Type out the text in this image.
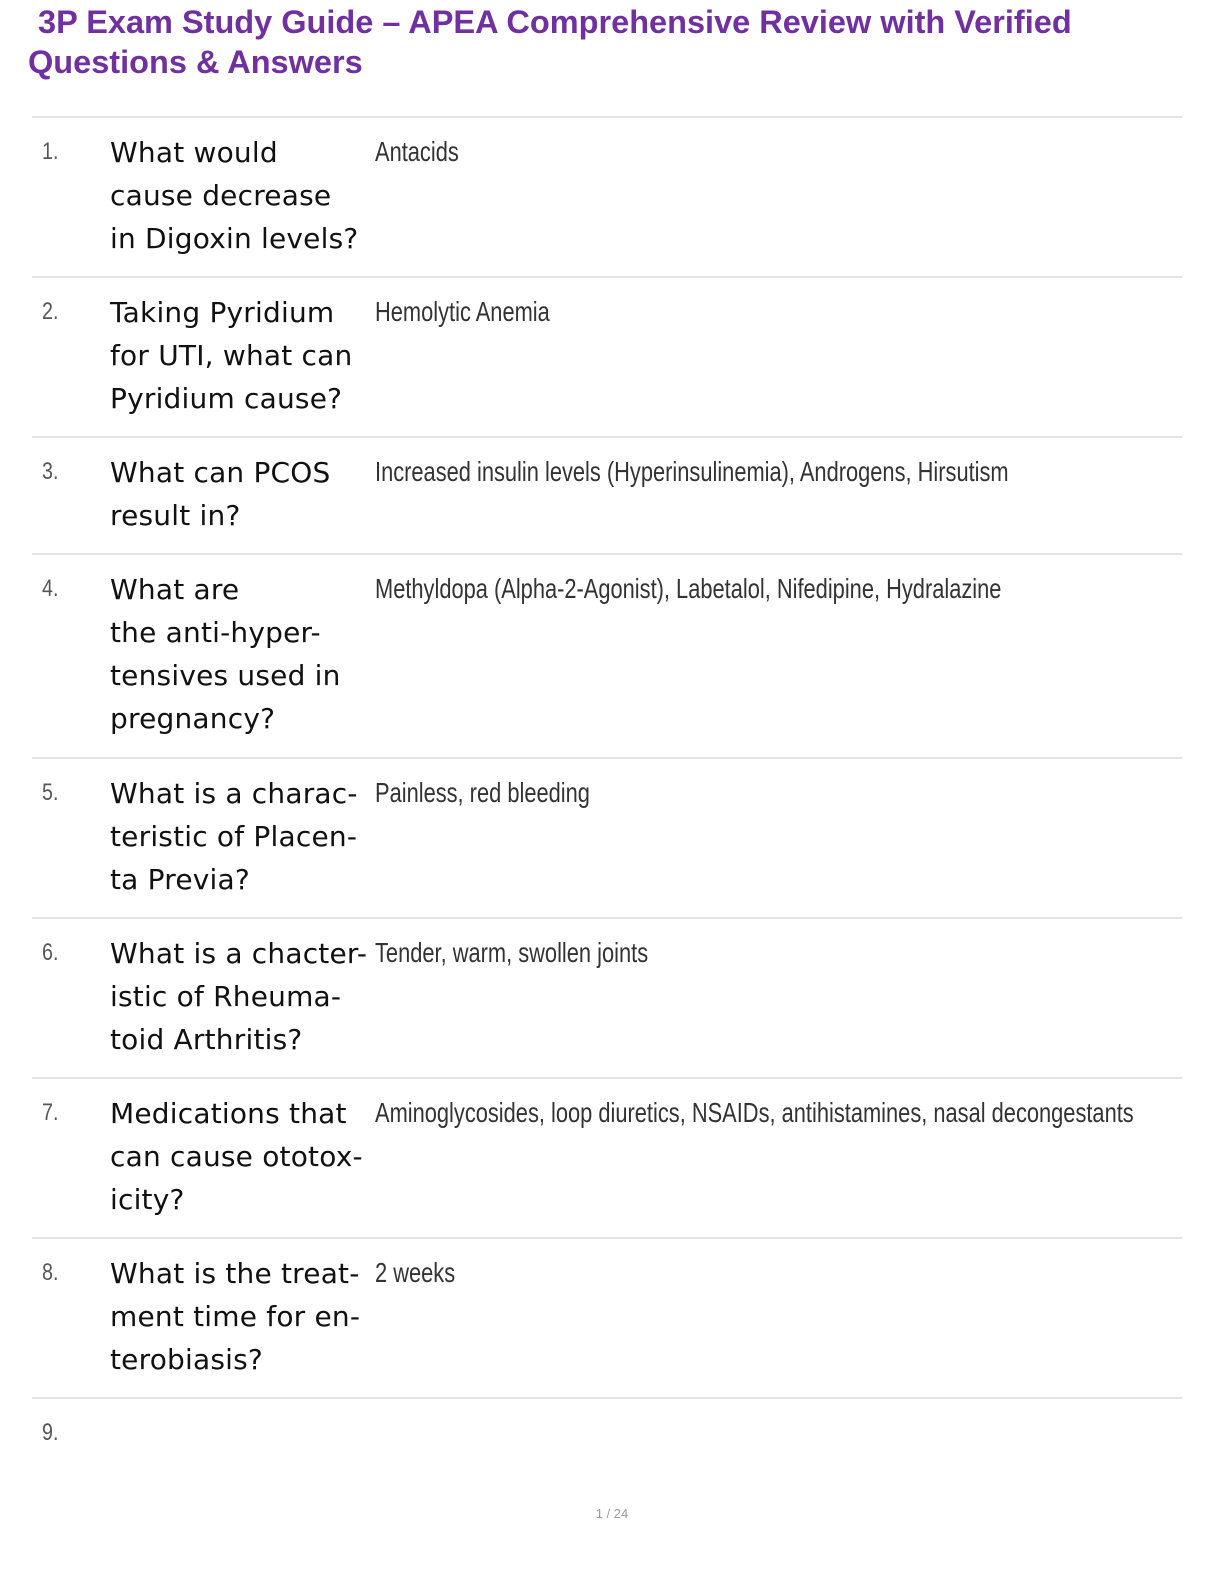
3P Exam Study Guide – APEA Comprehensive Review with Verified Questions & Answers
1. What would
cause decrease
in Digoxin levels?
Antacids
2. Taking Pyridium
for UTI, what can
Pyridium cause?
Hemolytic Anemia
3. What can PCOS
result in?
Increased insulin levels (Hyperinsulinemia), Androgens, Hirsutism
4. What are
the anti-hyper-
tensives used in
pregnancy?
Methyldopa (Alpha-2-Agonist), Labetalol, Nifedipine, Hydralazine
5. What is a charac-
teristic of Placen-
ta Previa?
Painless, red bleeding
6. What is a chacter-
istic of Rheuma-
toid Arthritis?
Tender, warm, swollen joints
7. Medications that
can cause ototox-
icity?
Aminoglycosides, loop diuretics, NSAIDs, antihistamines, nasal decongestants
8. What is the treat-
ment time for en-
terobiasis?
2 weeks
9.
1 / 24
